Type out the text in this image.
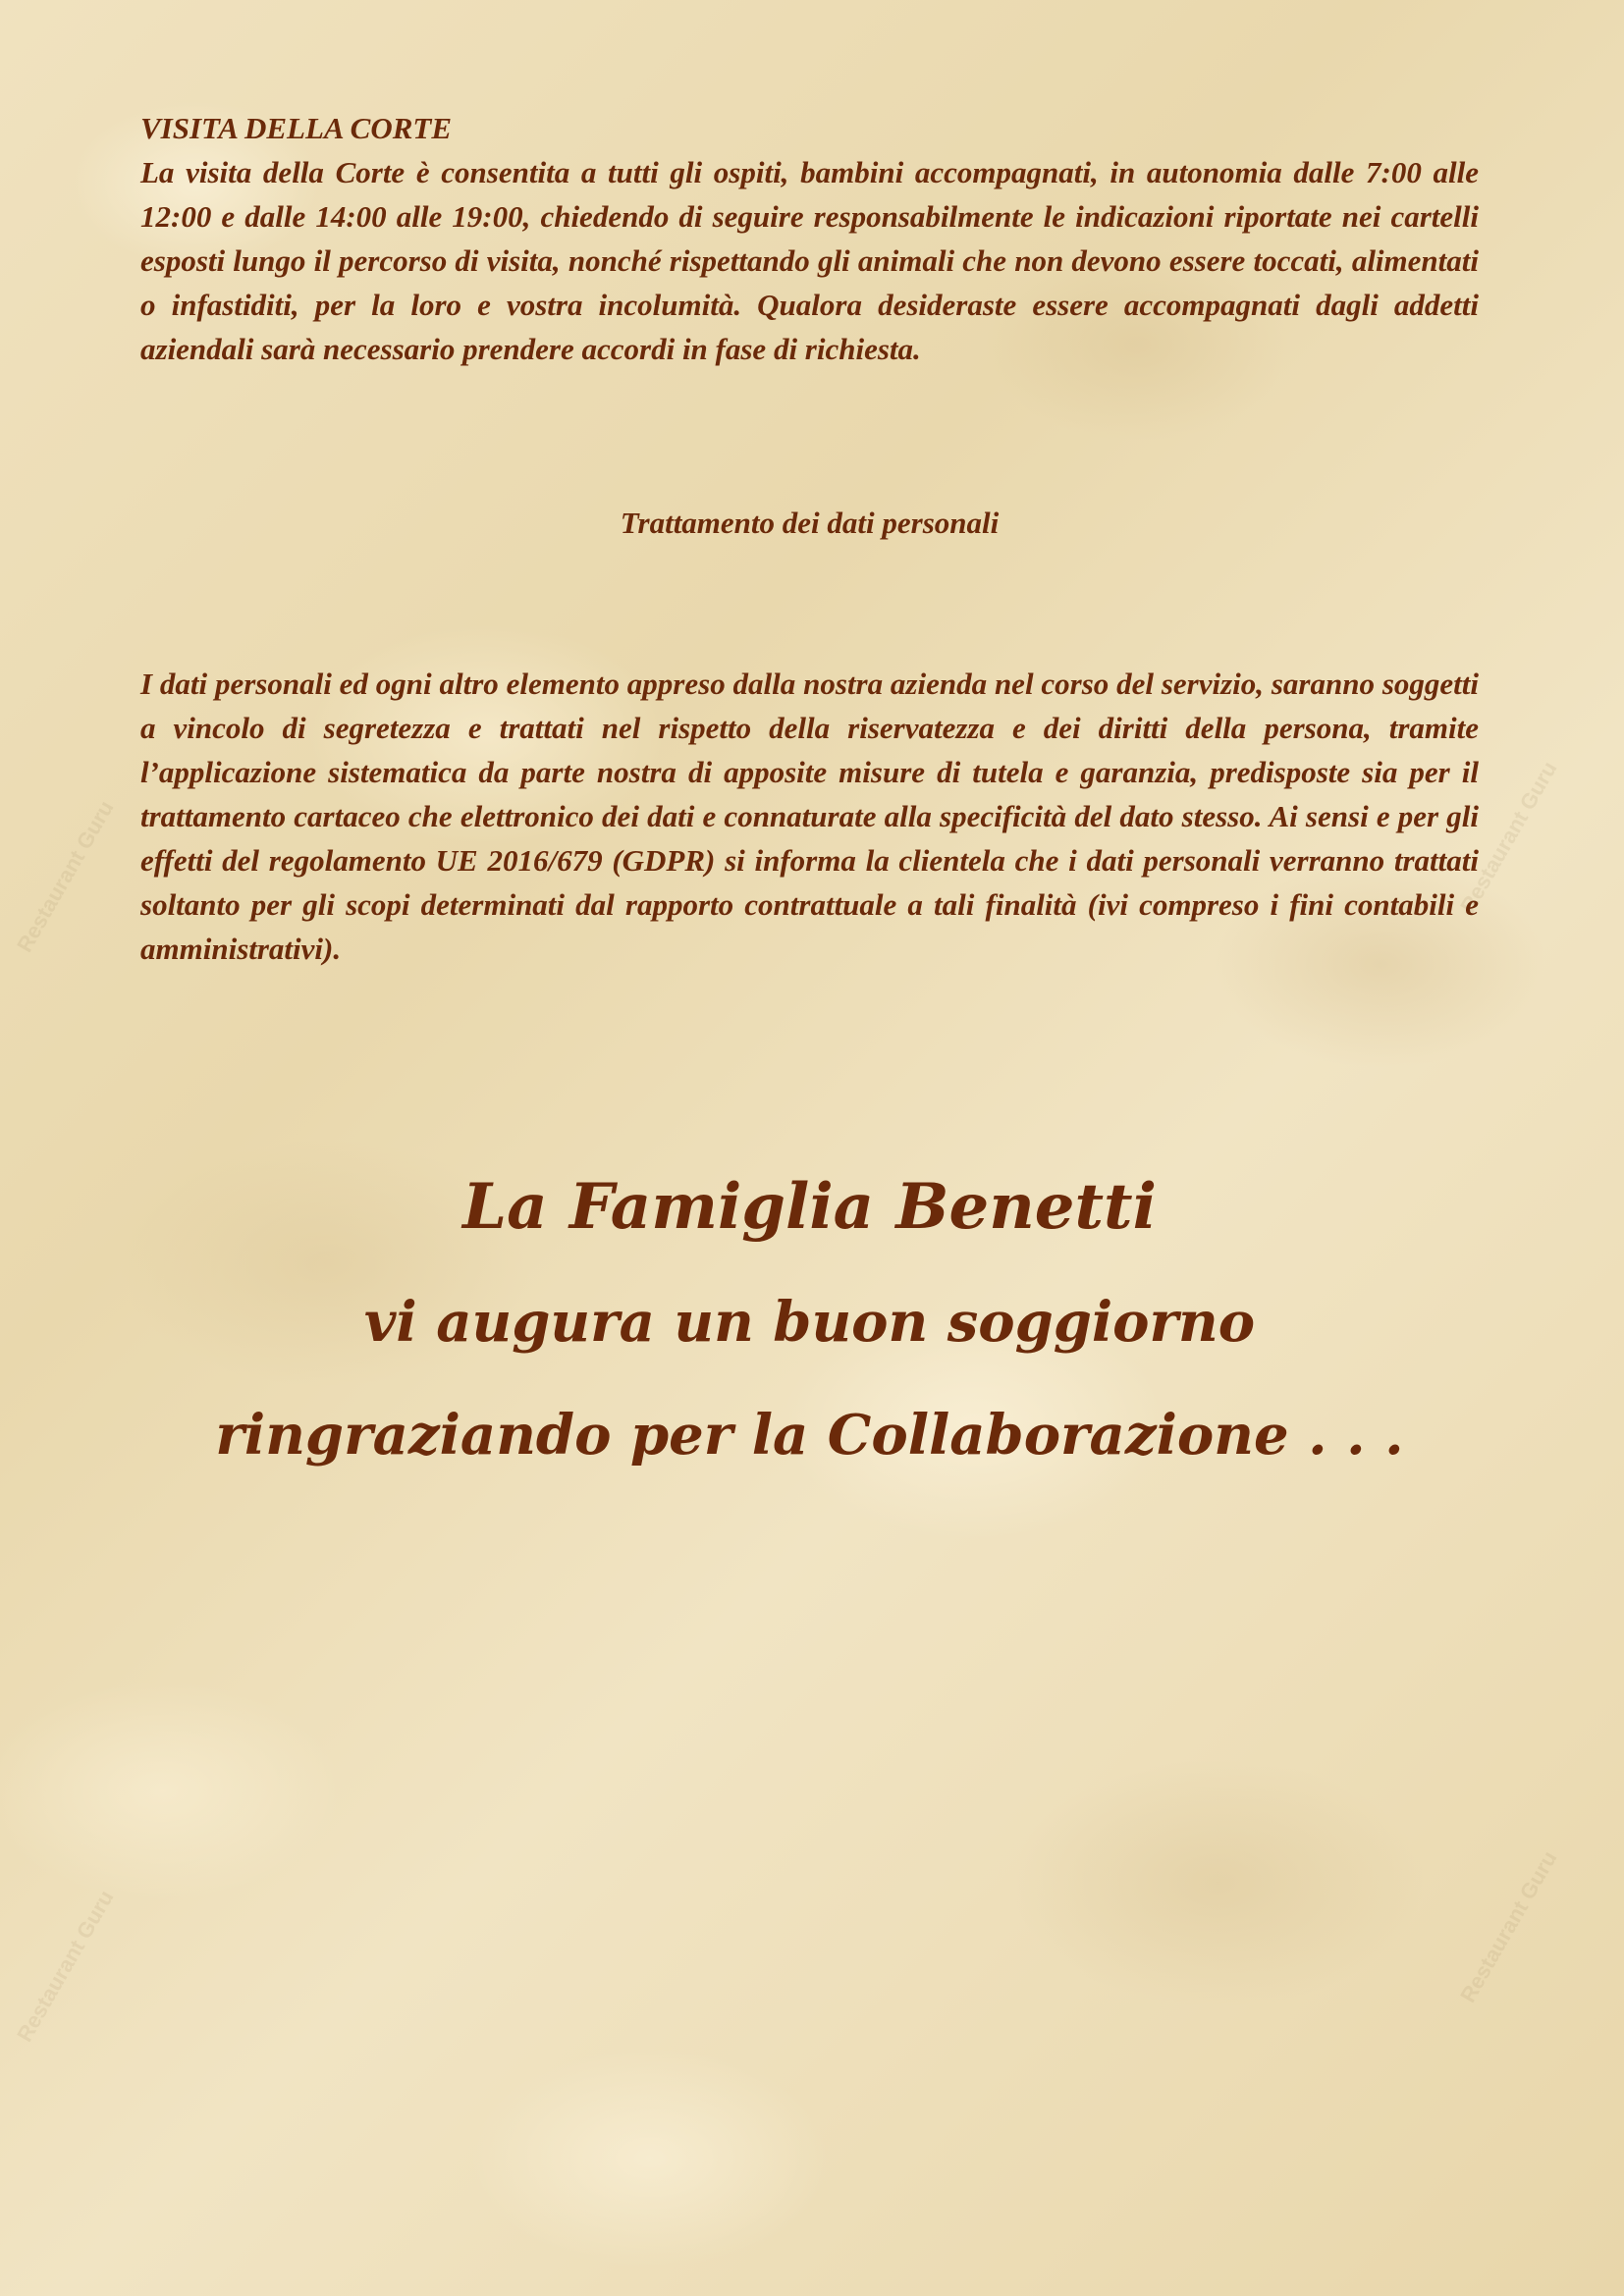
Restaurant Guru	Restaurant Guru
Restaurant Guru	Restaurant Guru

VISITA DELLA CORTE

La visita della Corte è consentita a tutti gli ospiti, bambini accompagnati, in autonomia dalle 7:00 alle 12:00 e dalle 14:00 alle 19:00, chiedendo di seguire responsabilmente le indicazioni riportate nei cartelli esposti lungo il percorso di visita, nonché rispettando gli animali che non devono essere toccati, alimentati o infastiditi, per la loro e vostra incolumità. Qualora desideraste essere accompagnati dagli addetti aziendali sarà necessario prendere accordi in fase di richiesta.

Trattamento dei dati personali

I dati personali ed ogni altro elemento appreso dalla nostra azienda nel corso del servizio, saranno soggetti a vincolo di segretezza e trattati nel rispetto della riservatezza e dei diritti della persona, tramite l’applicazione sistematica da parte nostra di apposite misure di tutela e garanzia, predisposte sia per il trattamento cartaceo che elettronico dei dati e connaturate alla specificità del dato stesso. Ai sensi e per gli effetti del regolamento UE 2016/679 (GDPR) si informa la clientela che i dati personali verranno trattati soltanto per gli scopi determinati dal rapporto contrattuale a tali finalità (ivi compreso i fini contabili e amministrativi).

La Famiglia Benetti
vi augura un buon soggiorno
ringraziando per la Collaborazione . . .
